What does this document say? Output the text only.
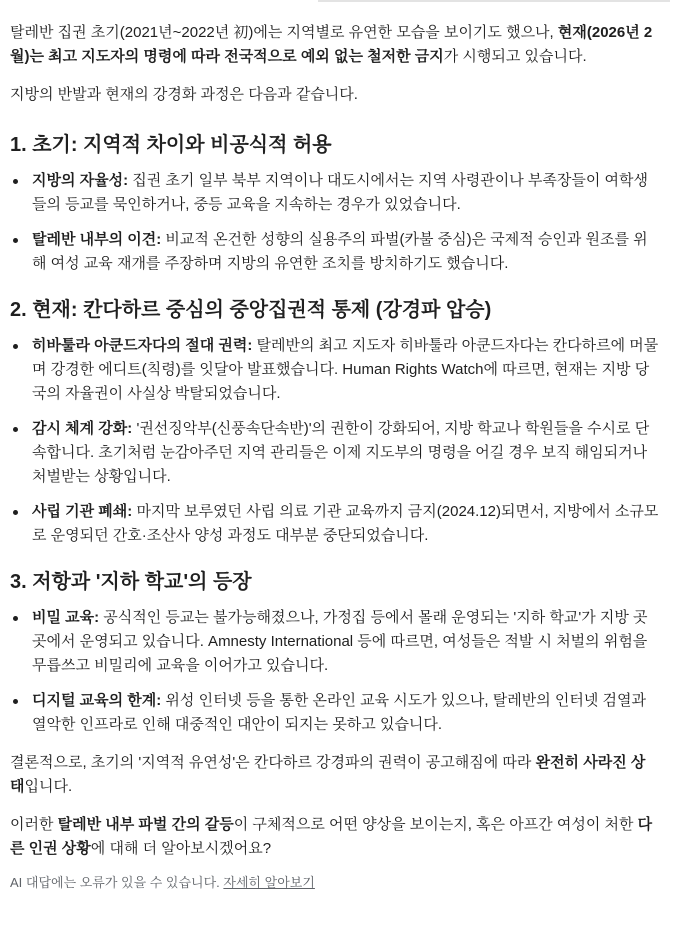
탈레반 집권 초기(2021년~2022년 初)에는 지역별로 유연한 모습을 보이기도 했으나, 현재(2026년 2월)는 최고 지도자의 명령에 따라 전국적으로 예외 없는 철저한 금지가 시행되고 있습니다.

지방의 반발과 현재의 강경화 과정은 다음과 같습니다.

1. 초기: 지역적 차이와 비공식적 허용
지방의 자율성: 집권 초기 일부 북부 지역이나 대도시에서는 지역 사령관이나 부족장들이 여학생들의 등교를 묵인하거나, 중등 교육을 지속하는 경우가 있었습니다.
탈레반 내부의 이견: 비교적 온건한 성향의 실용주의 파벌(카불 중심)은 국제적 승인과 원조를 위해 여성 교육 재개를 주장하며 지방의 유연한 조치를 방치하기도 했습니다.
2. 현재: 칸다하르 중심의 중앙집권적 통제 (강경파 압승)
히바툴라 아쿤드자다의 절대 권력: 탈레반의 최고 지도자 히바툴라 아쿤드자다는 칸다하르에 머물며 강경한 에디트(칙령)를 잇달아 발표했습니다. Human Rights Watch에 따르면, 현재는 지방 당국의 자율권이 사실상 박탈되었습니다.
감시 체계 강화: '권선징악부(신풍속단속반)'의 권한이 강화되어, 지방 학교나 학원들을 수시로 단속합니다. 초기처럼 눈감아주던 지역 관리들은 이제 지도부의 명령을 어길 경우 보직 해임되거나 처벌받는 상황입니다.
사립 기관 폐쇄: 마지막 보루였던 사립 의료 기관 교육까지 금지(2024.12)되면서, 지방에서 소규모로 운영되던 간호·조산사 양성 과정도 대부분 중단되었습니다.
3. 저항과 '지하 학교'의 등장
비밀 교육: 공식적인 등교는 불가능해졌으나, 가정집 등에서 몰래 운영되는 '지하 학교'가 지방 곳곳에서 운영되고 있습니다. Amnesty International 등에 따르면, 여성들은 적발 시 처벌의 위험을 무릅쓰고 비밀리에 교육을 이어가고 있습니다.
디지털 교육의 한계: 위성 인터넷 등을 통한 온라인 교육 시도가 있으나, 탈레반의 인터넷 검열과 열악한 인프라로 인해 대중적인 대안이 되지는 못하고 있습니다.

결론적으로, 초기의 '지역적 유연성'은 칸다하르 강경파의 권력이 공고해짐에 따라 완전히 사라진 상태입니다.

이러한 탈레반 내부 파벌 간의 갈등이 구체적으로 어떤 양상을 보이는지, 혹은 아프간 여성이 처한 다른 인권 상황에 대해 더 알아보시겠어요?

AI 대답에는 오류가 있을 수 있습니다. 자세히 알아보기
